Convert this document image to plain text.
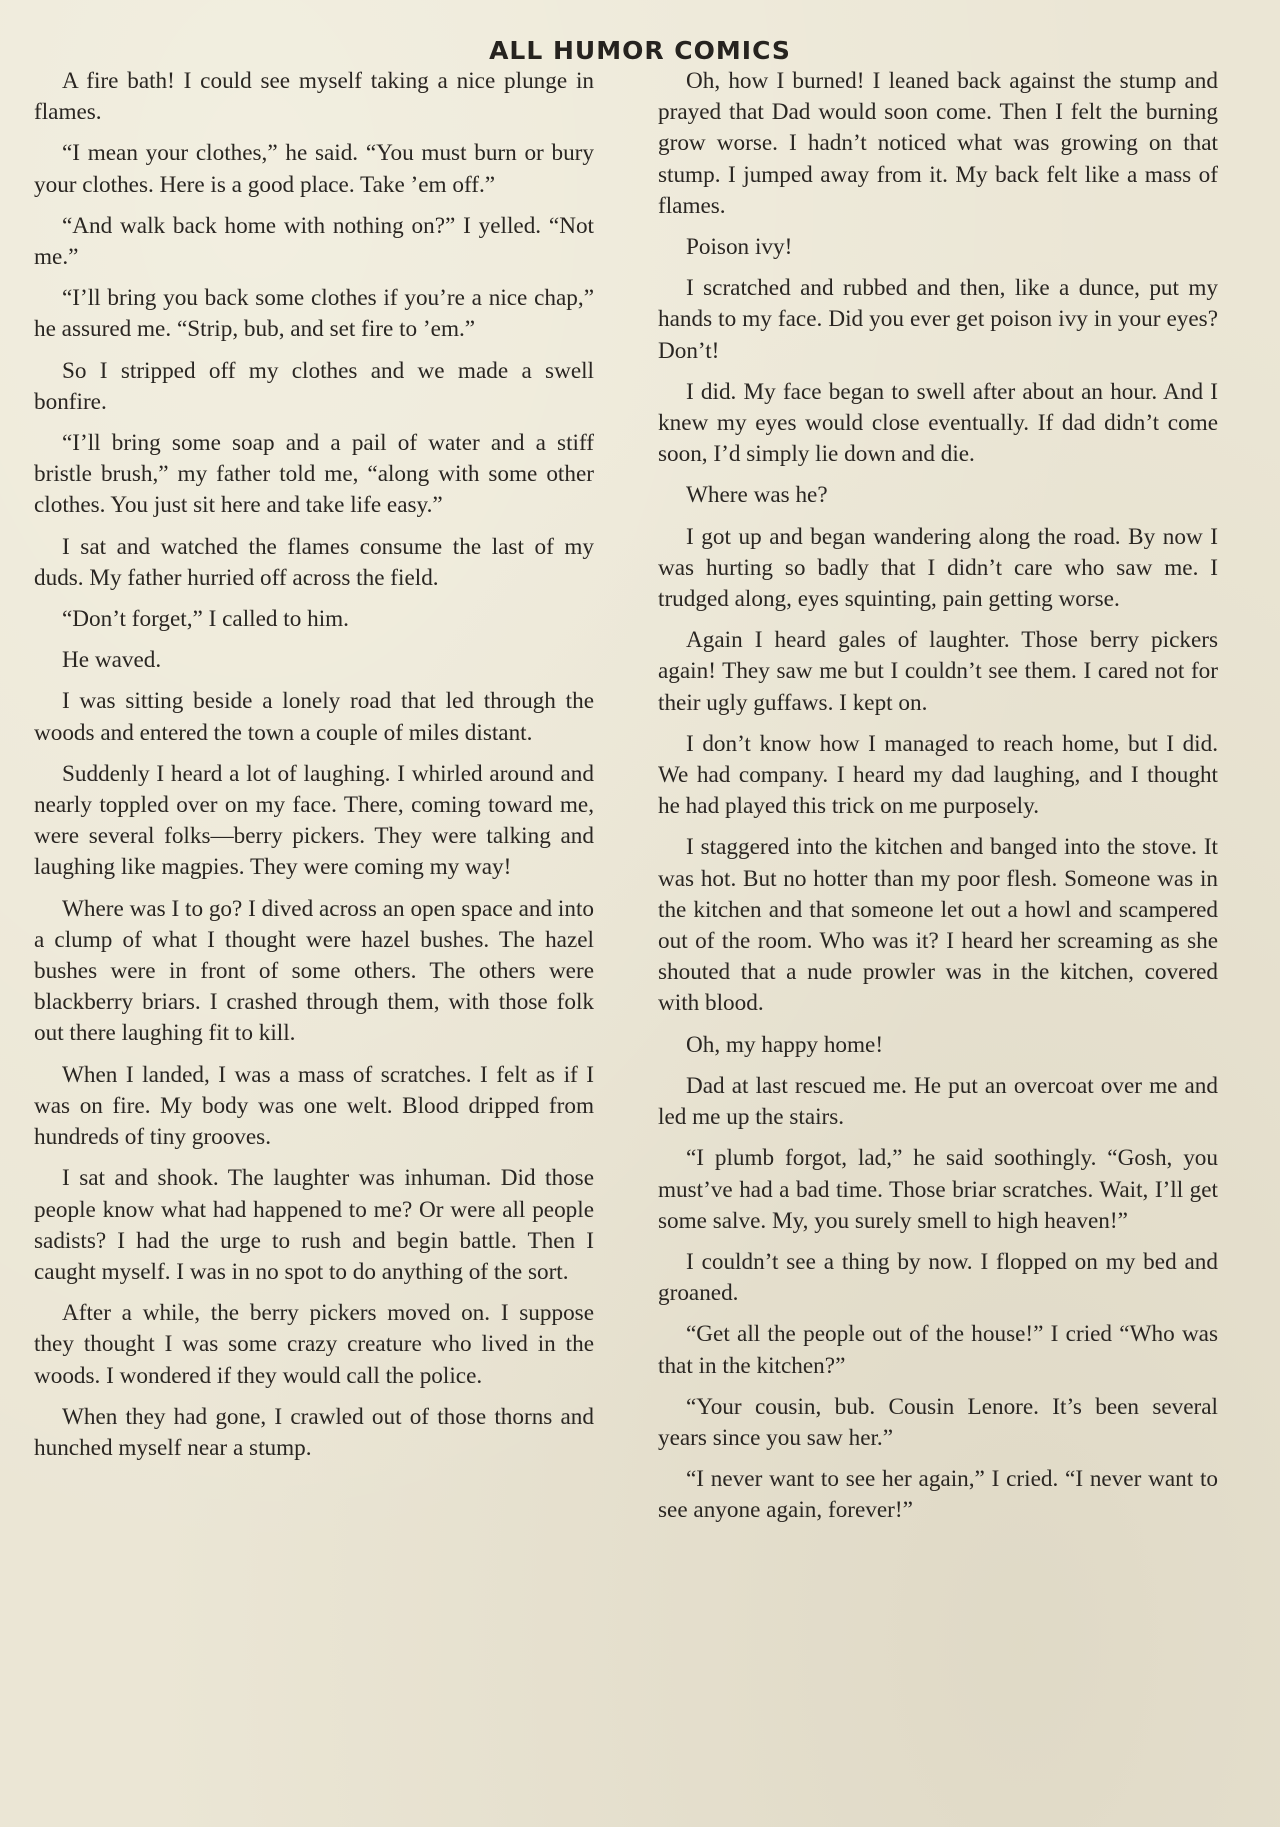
ALL HUMOR COMICS

A fire bath! I could see myself taking a nice plunge in flames.

“I mean your clothes,” he said. “You must burn or bury your clothes. Here is a good place. Take ’em off.”

“And walk back home with nothing on?” I yelled. “Not me.”

“I’ll bring you back some clothes if you’re a nice chap,” he assured me. “Strip, bub, and set fire to ’em.”

So I stripped off my clothes and we made a swell bonfire.

“I’ll bring some soap and a pail of water and a stiff bristle brush,” my father told me, “along with some other clothes. You just sit here and take life easy.”

I sat and watched the flames consume the last of my duds. My father hurried off across the field.

“Don’t forget,” I called to him.

He waved.

I was sitting beside a lonely road that led through the woods and entered the town a couple of miles distant.

Suddenly I heard a lot of laughing. I whirled around and nearly toppled over on my face. There, coming toward me, were several folks—berry pickers. They were talking and laughing like magpies. They were coming my way!

Where was I to go? I dived across an open space and into a clump of what I thought were hazel bushes. The hazel bushes were in front of some others. The others were blackberry briars. I crashed through them, with those folk out there laughing fit to kill.

When I landed, I was a mass of scratches. I felt as if I was on fire. My body was one welt. Blood dripped from hundreds of tiny grooves.

I sat and shook. The laughter was inhuman. Did those people know what had happened to me? Or were all people sadists? I had the urge to rush and begin battle. Then I caught myself. I was in no spot to do anything of the sort.

After a while, the berry pickers moved on. I suppose they thought I was some crazy creature who lived in the woods. I wondered if they would call the police.

When they had gone, I crawled out of those thorns and hunched myself near a stump.

Oh, how I burned! I leaned back against the stump and prayed that Dad would soon come. Then I felt the burning grow worse. I hadn’t noticed what was growing on that stump. I jumped away from it. My back felt like a mass of flames.

Poison ivy!

I scratched and rubbed and then, like a dunce, put my hands to my face. Did you ever get poison ivy in your eyes? Don’t!

I did. My face began to swell after about an hour. And I knew my eyes would close eventually. If dad didn’t come soon, I’d simply lie down and die.

Where was he?

I got up and began wandering along the road. By now I was hurting so badly that I didn’t care who saw me. I trudged along, eyes squinting, pain getting worse.

Again I heard gales of laughter. Those berry pickers again! They saw me but I couldn’t see them. I cared not for their ugly guffaws. I kept on.

I don’t know how I managed to reach home, but I did. We had company. I heard my dad laughing, and I thought he had played this trick on me purposely.

I staggered into the kitchen and banged into the stove. It was hot. But no hotter than my poor flesh. Someone was in the kitchen and that someone let out a howl and scampered out of the room. Who was it? I heard her screaming as she shouted that a nude prowler was in the kitchen, covered with blood.

Oh, my happy home!

Dad at last rescued me. He put an overcoat over me and led me up the stairs.

“I plumb forgot, lad,” he said soothingly. “Gosh, you must’ve had a bad time. Those briar scratches. Wait, I’ll get some salve. My, you surely smell to high heaven!”

I couldn’t see a thing by now. I flopped on my bed and groaned.

“Get all the people out of the house!” I cried “Who was that in the kitchen?”

“Your cousin, bub. Cousin Lenore. It’s been several years since you saw her.”

“I never want to see her again,” I cried. “I never want to see anyone again, forever!”
